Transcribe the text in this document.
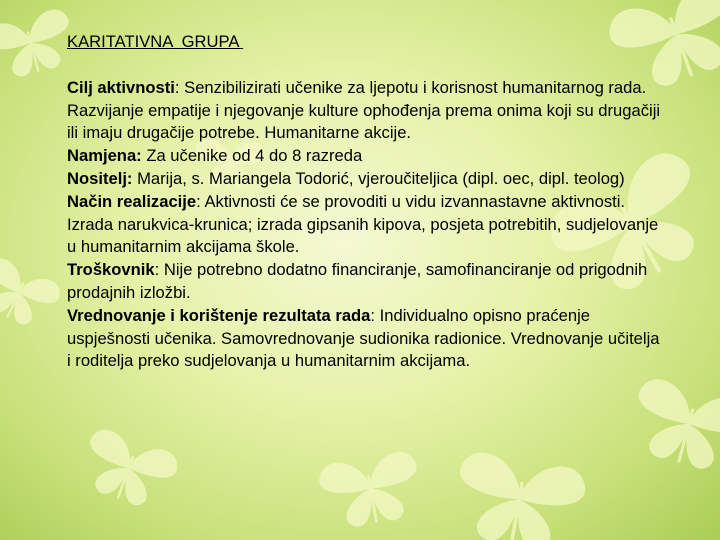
KARITATIVNA  GRUPA

Cilj aktivnosti: Senzibilizirati učenike za ljepotu i korisnost humanitarnog rada. Razvijanje empatije i njegovanje kulture ophođenja prema onima koji su drugačiji ili imaju drugačije potrebe. Humanitarne akcije.

Namjena: Za učenike od 4 do 8 razreda

Nositelj: Marija, s. Mariangela Todorić, vjeroučiteljica (dipl. oec, dipl. teolog)

Način realizacije: Aktivnosti će se provoditi u vidu izvannastavne aktivnosti. Izrada narukvica-krunica; izrada gipsanih kipova, posjeta potrebitih, sudjelovanje u humanitarnim akcijama škole.

Troškovnik: Nije potrebno dodatno financiranje, samofinanciranje od prigodnih prodajnih izložbi.

Vrednovanje i korištenje rezultata rada: Individualno opisno praćenje uspješnosti učenika. Samovrednovanje sudionika radionice. Vrednovanje učitelja i roditelja preko sudjelovanja u humanitarnim akcijama.
